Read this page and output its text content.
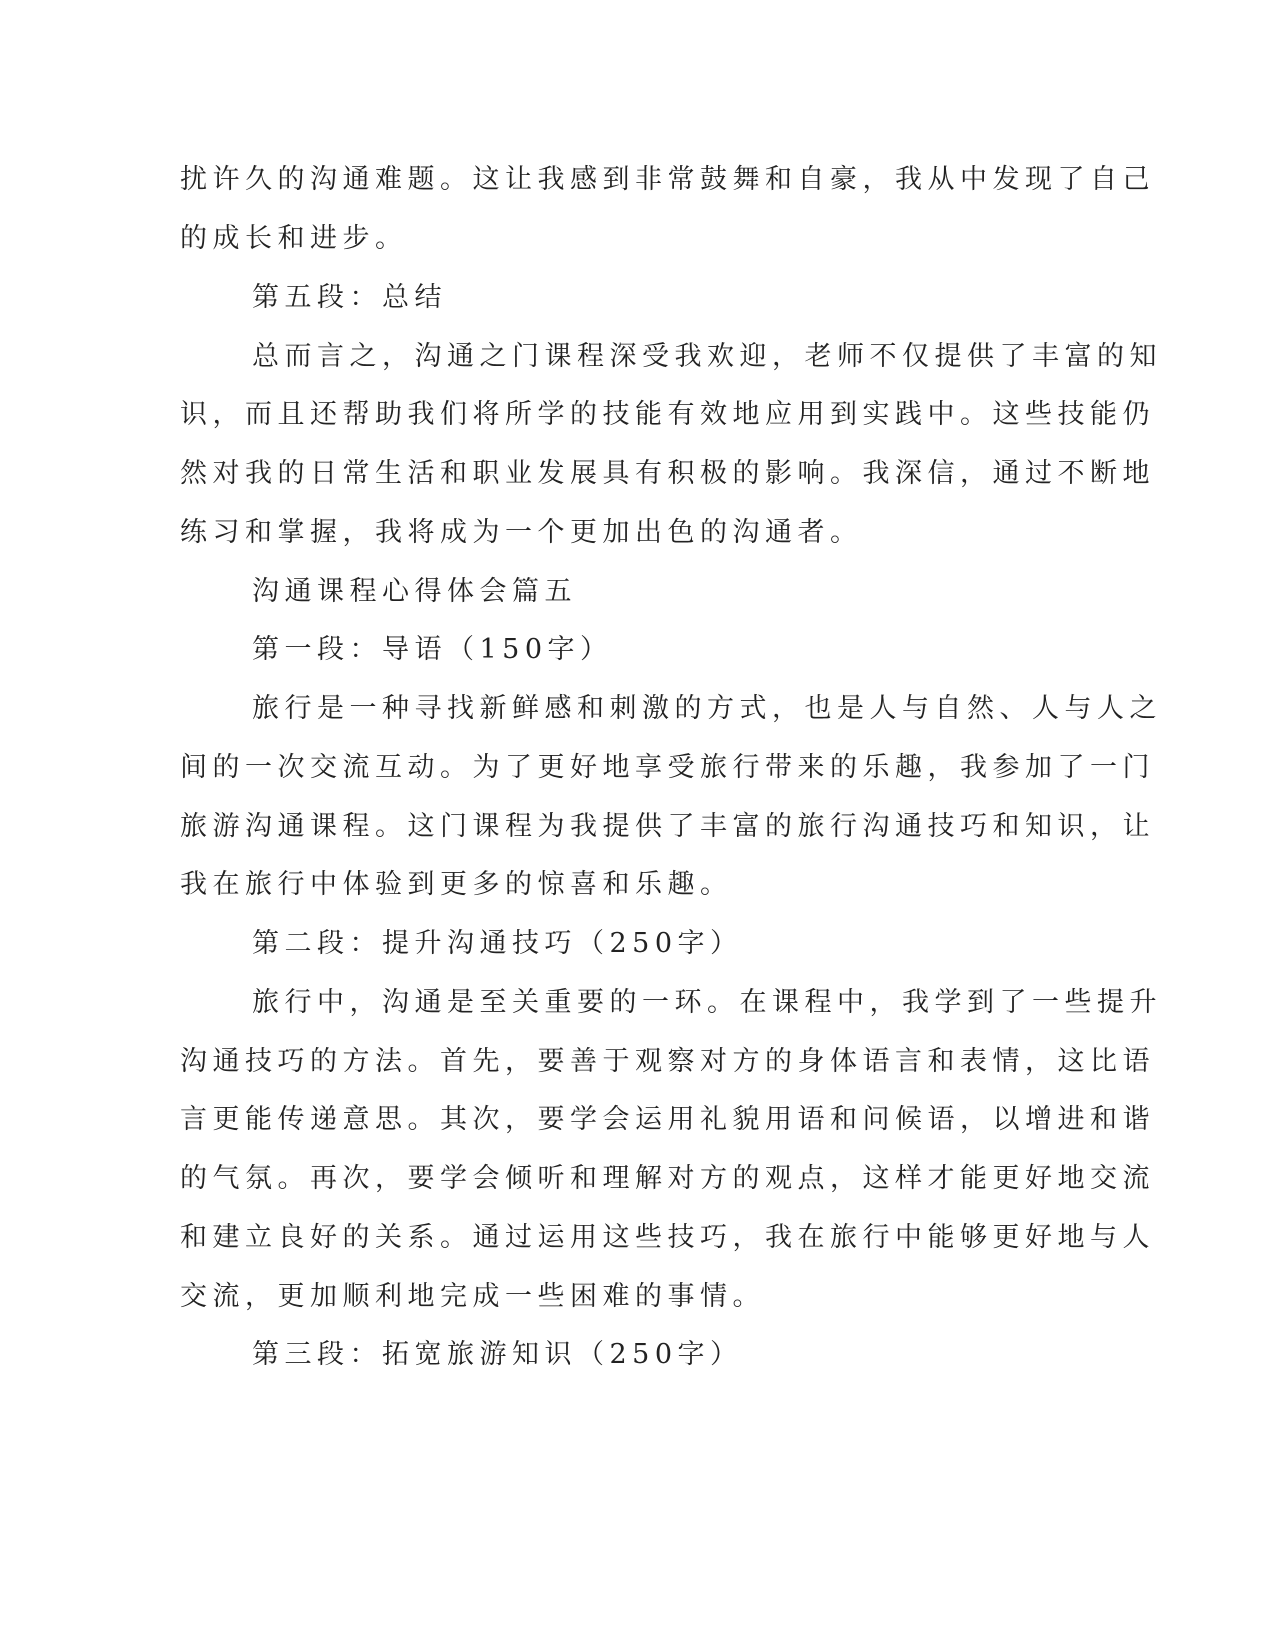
扰许久的沟通难题。这让我感到非常鼓舞和自豪，我从中发现了自己

的成长和进步。

第五段：总结

总而言之，沟通之门课程深受我欢迎，老师不仅提供了丰富的知

识，而且还帮助我们将所学的技能有效地应用到实践中。这些技能仍

然对我的日常生活和职业发展具有积极的影响。我深信，通过不断地

练习和掌握，我将成为一个更加出色的沟通者。

沟通课程心得体会篇五

第一段：导语（150字）

旅行是一种寻找新鲜感和刺激的方式，也是人与自然、人与人之

间的一次交流互动。为了更好地享受旅行带来的乐趣，我参加了一门

旅游沟通课程。这门课程为我提供了丰富的旅行沟通技巧和知识，让

我在旅行中体验到更多的惊喜和乐趣。

第二段：提升沟通技巧（250字）

旅行中，沟通是至关重要的一环。在课程中，我学到了一些提升

沟通技巧的方法。首先，要善于观察对方的身体语言和表情，这比语

言更能传递意思。其次，要学会运用礼貌用语和问候语，以增进和谐

的气氛。再次，要学会倾听和理解对方的观点，这样才能更好地交流

和建立良好的关系。通过运用这些技巧，我在旅行中能够更好地与人

交流，更加顺利地完成一些困难的事情。

第三段：拓宽旅游知识（250字）
